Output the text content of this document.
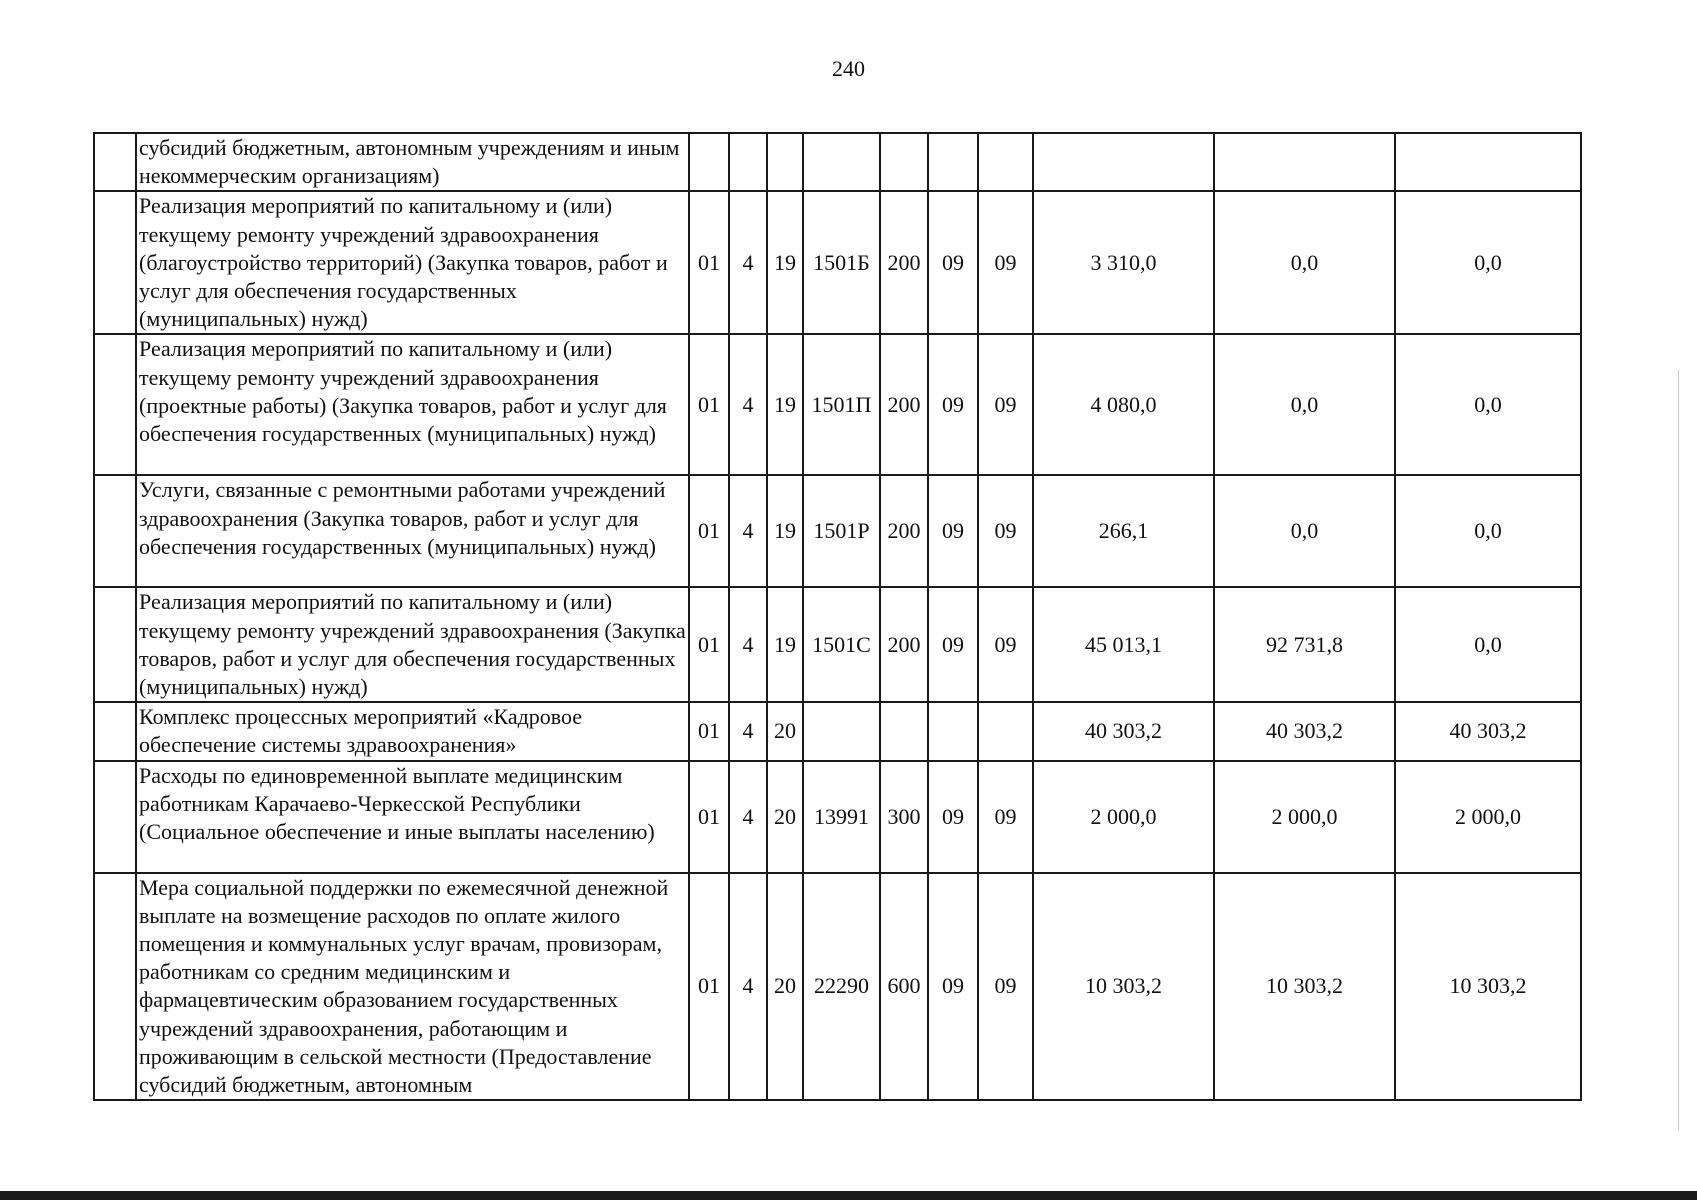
240
	субсидий бюджетным, автономным учреждениям и иным некоммерческим организациям)										
	Реализация мероприятий по капитальному и (или) текущему ремонту учреждений здравоохранения (благоустройство территорий) (Закупка товаров, работ и услуг для обеспечения государственных (муниципальных) нужд)	01	4	19	1501Б	200	09	09	3 310,0	0,0	0,0
	Реализация мероприятий по капитальному и (или) текущему ремонту учреждений здравоохранения (проектные работы) (Закупка товаров, работ и услуг для обеспечения государственных (муниципальных) нужд)	01	4	19	1501П	200	09	09	4 080,0	0,0	0,0
	Услуги, связанные с ремонтными работами учреждений здравоохранения (Закупка товаров, работ и услуг для обеспечения государственных (муниципальных) нужд)	01	4	19	1501Р	200	09	09	266,1	0,0	0,0
	Реализация мероприятий по капитальному и (или) текущему ремонту учреждений здравоохранения (Закупка товаров, работ и услуг для обеспечения государственных (муниципальных) нужд)	01	4	19	1501С	200	09	09	45 013,1	92 731,8	0,0
	Комплекс процессных мероприятий «Кадровое обеспечение системы здравоохранения»	01	4	20					40 303,2	40 303,2	40 303,2
	Расходы по единовременной выплате медицинским работникам Карачаево-Черкесской Республики (Социальное обеспечение и иные выплаты населению)	01	4	20	13991	300	09	09	2 000,0	2 000,0	2 000,0
	Мера социальной поддержки по ежемесячной денежной выплате на возмещение расходов по оплате жилого помещения и коммунальных услуг врачам, провизорам, работникам со средним медицинским и фармацевтическим образованием государственных учреждений здравоохранения, работающим и проживающим в сельской местности (Предоставление субсидий бюджетным, автономным	01	4	20	22290	600	09	09	10 303,2	10 303,2	10 303,2
